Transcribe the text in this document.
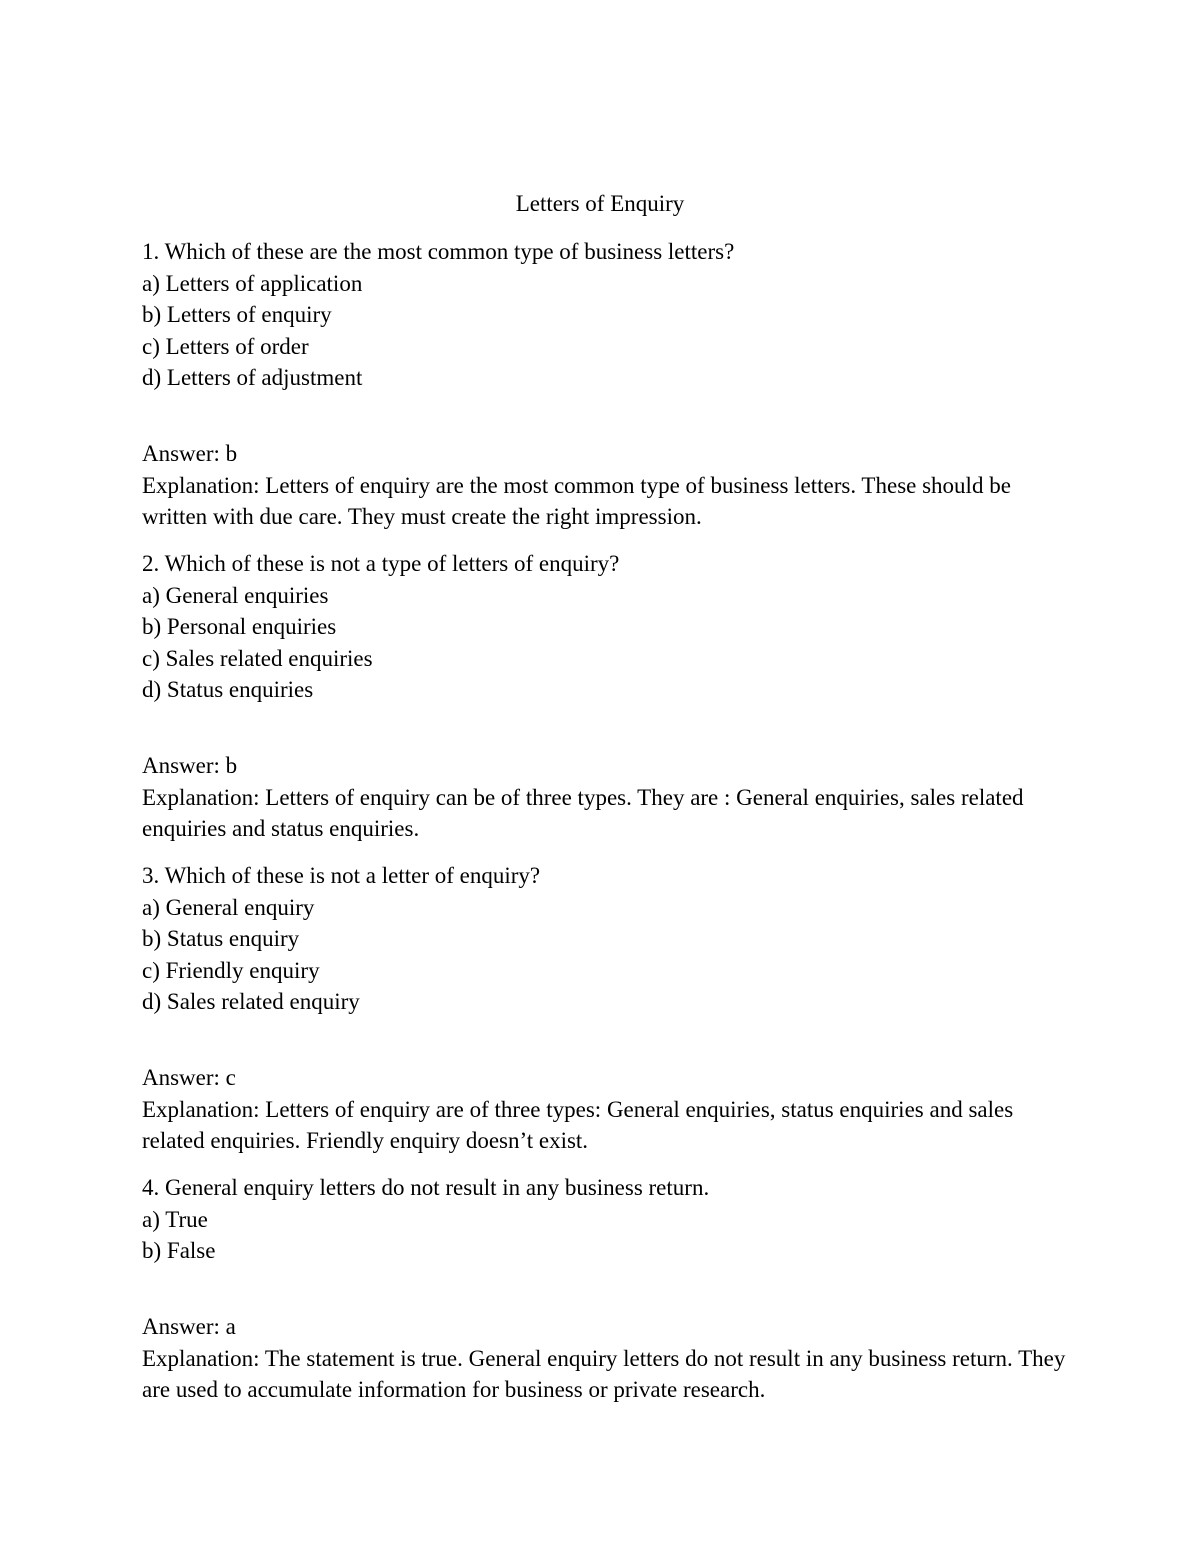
Letters of Enquiry
1. Which of these are the most common type of business letters?
a) Letters of application
b) Letters of enquiry
c) Letters of order
d) Letters of adjustment
Answer: b
Explanation: Letters of enquiry are the most common type of business letters. These should be written with due care. They must create the right impression.
2. Which of these is not a type of letters of enquiry?
a) General enquiries
b) Personal enquiries
c) Sales related enquiries
d) Status enquiries
Answer: b
Explanation: Letters of enquiry can be of three types. They are : General enquiries, sales related enquiries and status enquiries.
3. Which of these is not a letter of enquiry?
a) General enquiry
b) Status enquiry
c) Friendly enquiry
d) Sales related enquiry
Answer: c
Explanation: Letters of enquiry are of three types: General enquiries, status enquiries and sales related enquiries. Friendly enquiry doesn’t exist.
4. General enquiry letters do not result in any business return.
a) True
b) False
Answer: a
Explanation: The statement is true. General enquiry letters do not result in any business return. They are used to accumulate information for business or private research.
